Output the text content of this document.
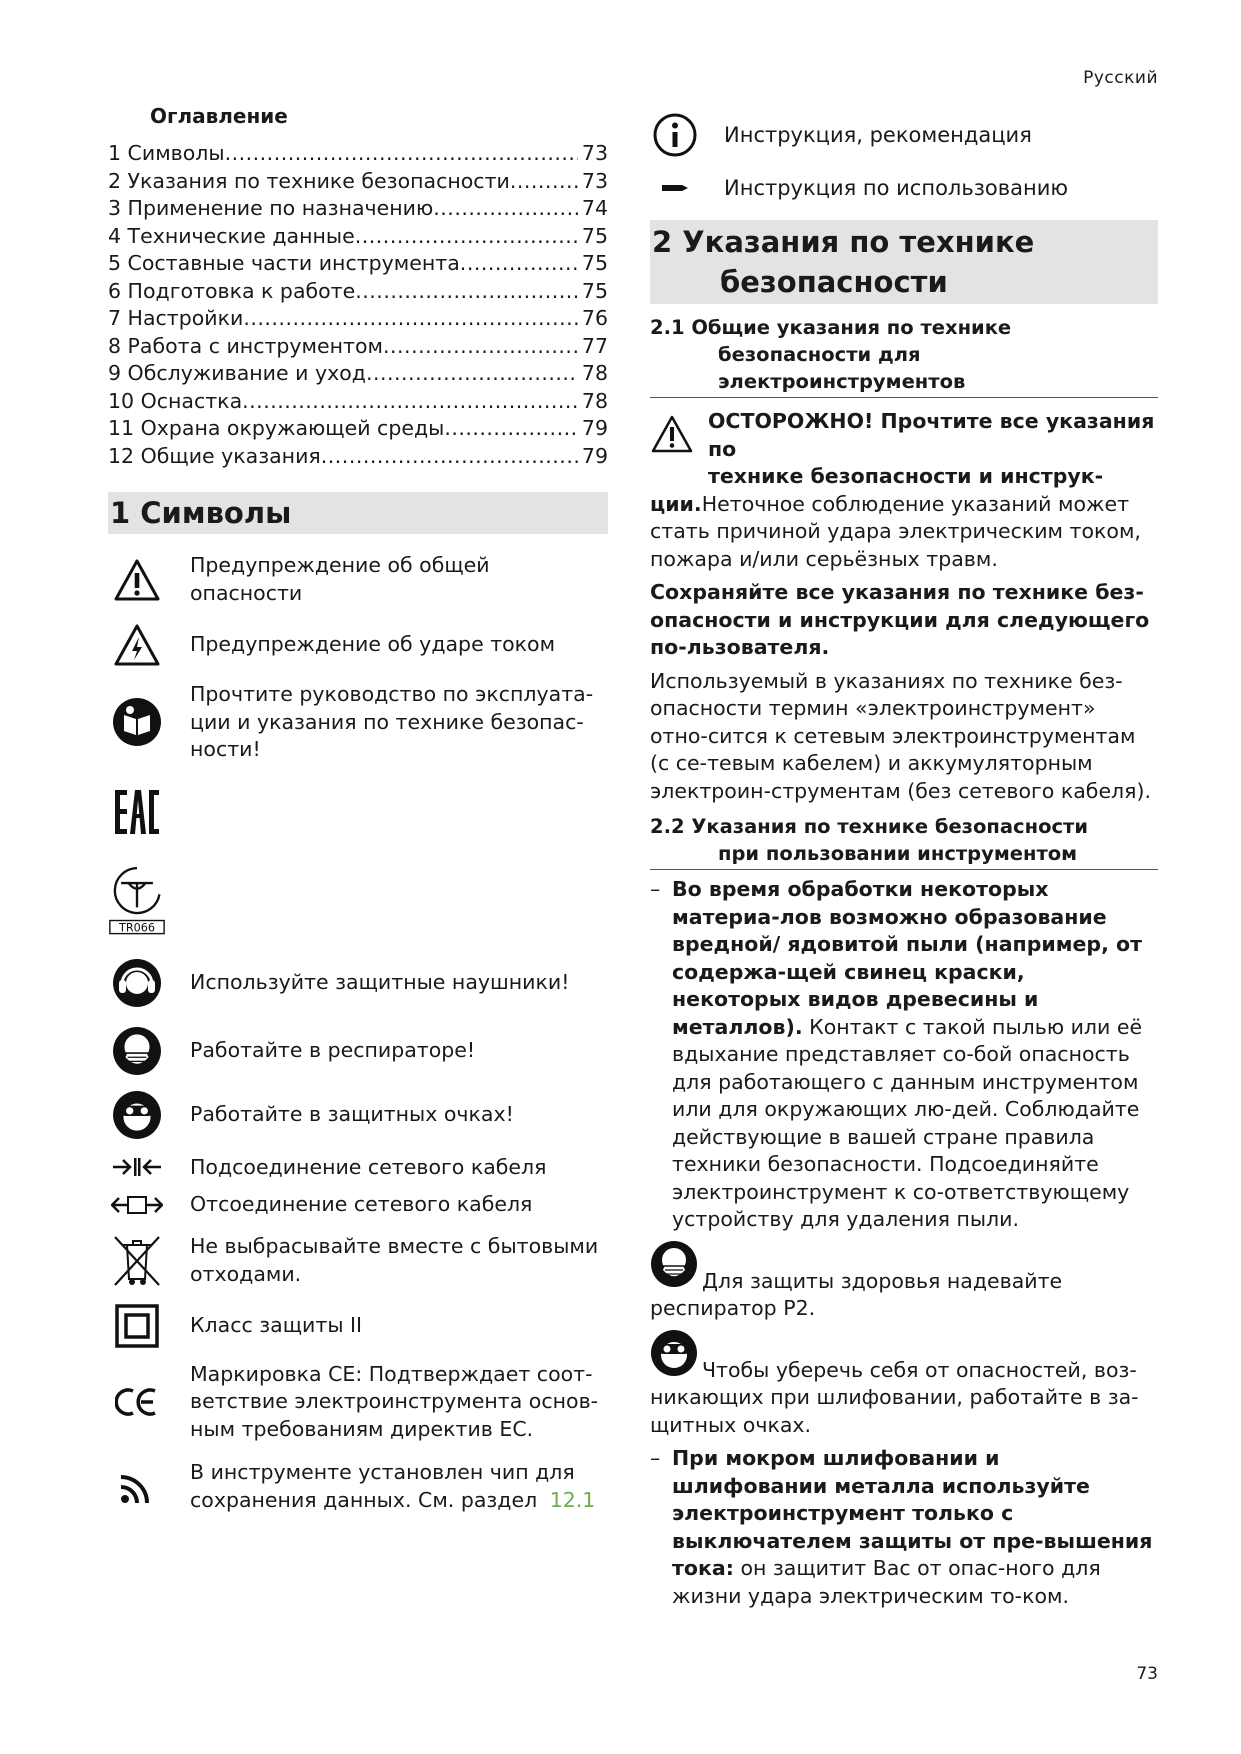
Русский
Оглавление
1 Символы .....	73
2 Указания по технике безопасности .....	73
3 Применение по назначению .....	74
4 Технические данные .....	75
5 Составные части инструмента .....	75
6 Подготовка к работе .....	75
7 Настройки .....	76
8 Работа с инструментом .....	77
9 Обслуживание и уход .....	78
10 Оснастка .....	78
11 Охрана окружающей среды .....	79
12 Общие указания .....	79
1 Символы
Предупреждение об общей опасности
Предупреждение об ударе током
Прочтите руководство по эксплуата-
ции и указания по технике безопас-
ности!
TR066
Используйте защитные наушники!
Работайте в респираторе!
Работайте в защитных очках!
Подсоединение сетевого кабеля
Отсоединение сетевого кабеля
Не выбрасывайте вместе с бытовыми
отходами.
Класс защиты II
Маркировка CE: Подтверждает соот-
ветствие электроинструмента основ-
ным требованиям директив ЕС.
В инструменте установлен чип для
сохранения данных. См. раздел 12.1
Инструкция, рекомендация
Инструкция по использованию
2 Указания по технике
безопасности
2.1 Общие указания по технике
безопасности для
электроинструментов
ОСТОРОЖНО! Прочтите все указания по
технике безопасности и инструк-
ции.Неточное соблюдение указаний может стать причиной удара электрическим током, пожара и/или серьёзных травм.
Сохраняйте все указания по технике без-опасности и инструкции для следующего по-льзователя.
Используемый в указаниях по технике без-опасности термин «электроинструмент» отно-сится к сетевым электроинструментам (с се-тевым кабелем) и аккумуляторным электроин-струментам (без сетевого кабеля).
2.2 Указания по технике безопасности
при пользовании инструментом
– Во время обработки некоторых материа-лов возможно образование вредной/ ядовитой пыли (например, от содержа-щей свинец краски, некоторых видов древесины и металлов). Контакт с такой пылью или её вдыхание представляет со-бой опасность для работающего с данным инструментом или для окружающих лю-дей. Соблюдайте действующие в вашей стране правила техники безопасности. Подсоединяйте электроинструмент к со-ответствующему устройству для удаления пыли.
Для защиты здоровья надевайте респиратор P2.
Чтобы уберечь себя от опасностей, воз-никающих при шлифовании, работайте в за-щитных очках.
– При мокром шлифовании и шлифовании металла используйте электроинструмент только с выключателем защиты от пре-вышения тока: он защитит Вас от опас-ного для жизни удара электрическим то-ком.
73
